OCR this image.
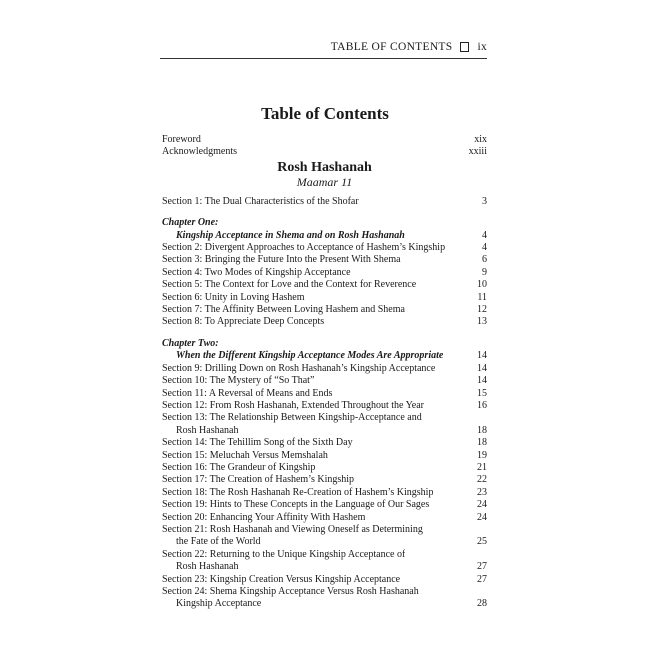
TABLE OF CONTENTS ix
Table of Contents
Foreword	xix
Acknowledgments	xxiii
Rosh Hashanah
Maamar 11
Section 1: The Dual Characteristics of the Shofar	3
Chapter One:
Kingship Acceptance in Shema and on Rosh Hashanah	4
Section 2: Divergent Approaches to Acceptance of Hashem’s Kingship	4
Section 3: Bringing the Future Into the Present With Shema	6
Section 4: Two Modes of Kingship Acceptance	9
Section 5: The Context for Love and the Context for Reverence	10
Section 6: Unity in Loving Hashem	11
Section 7: The Affinity Between Loving Hashem and Shema	12
Section 8: To Appreciate Deep Concepts	13
Chapter Two:
When the Different Kingship Acceptance Modes Are Appropriate	14
Section 9: Drilling Down on Rosh Hashanah’s Kingship Acceptance	14
Section 10: The Mystery of “So That”	14
Section 11: A Reversal of Means and Ends	15
Section 12: From Rosh Hashanah, Extended Throughout the Year	16
Section 13: The Relationship Between Kingship-Acceptance and
Rosh Hashanah	18
Section 14: The Tehillim Song of the Sixth Day	18
Section 15: Meluchah Versus Memshalah	19
Section 16: The Grandeur of Kingship	21
Section 17: The Creation of Hashem’s Kingship	22
Section 18: The Rosh Hashanah Re-Creation of Hashem’s Kingship	23
Section 19: Hints to These Concepts in the Language of Our Sages	24
Section 20: Enhancing Your Affinity With Hashem	24
Section 21: Rosh Hashanah and Viewing Oneself as Determining
the Fate of the World	25
Section 22: Returning to the Unique Kingship Acceptance of
Rosh Hashanah	27
Section 23: Kingship Creation Versus Kingship Acceptance	27
Section 24: Shema Kingship Acceptance Versus Rosh Hashanah
Kingship Acceptance	28
